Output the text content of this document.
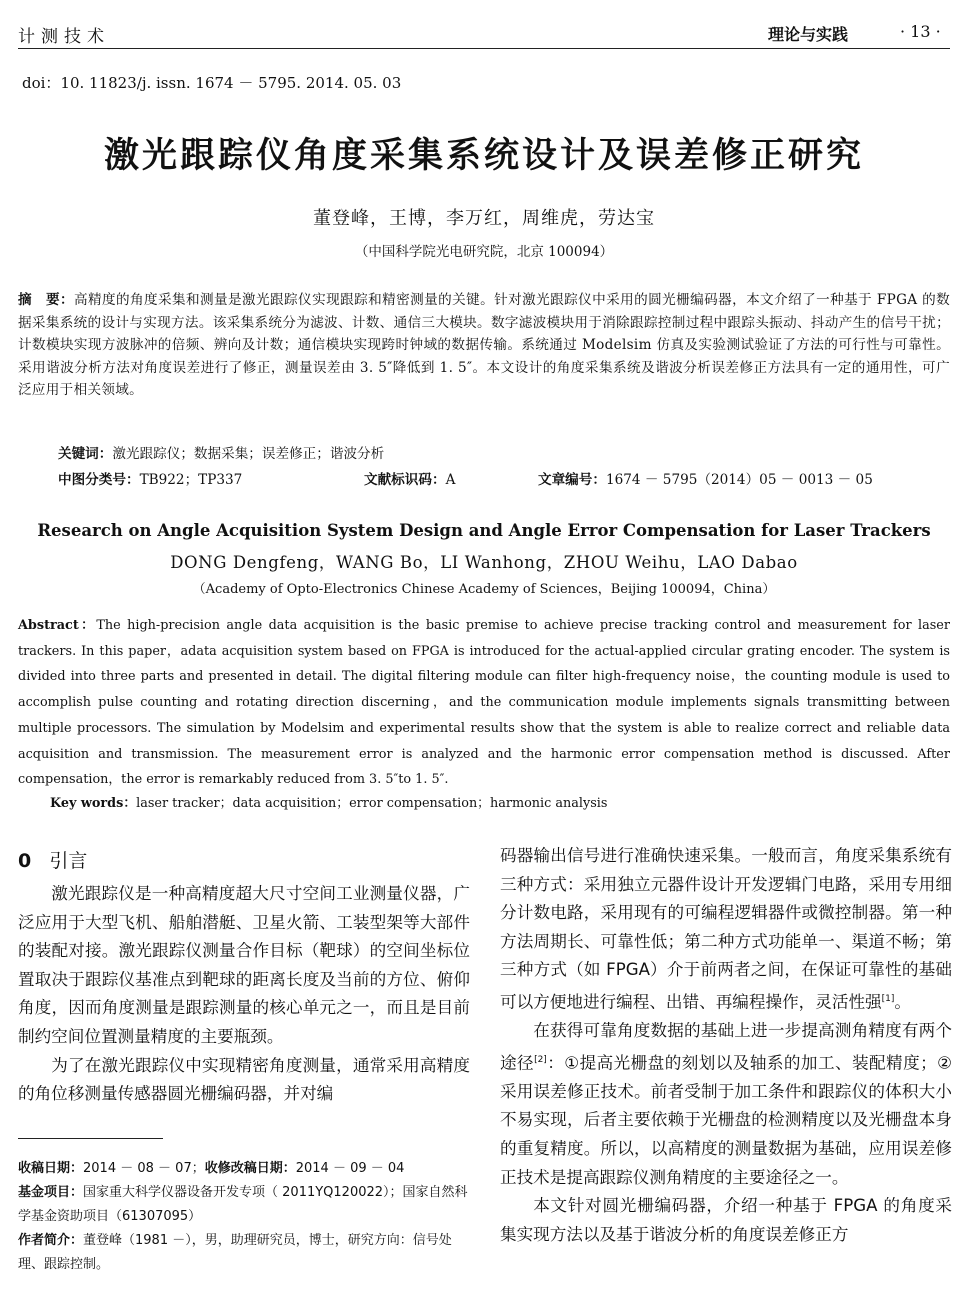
计测技术	理论与实践	· 13 ·
doi：10. 11823/j. issn. 1674 － 5795. 2014. 05. 03
激光跟踪仪角度采集系统设计及误差修正研究
董登峰，王博，李万红，周维虎，劳达宝
（中国科学院光电研究院，北京 100094）
摘　要：高精度的角度采集和测量是激光跟踪仪实现跟踪和精密测量的关键。针对激光跟踪仪中采用的圆光栅编码器，本文介绍了一种基于 FPGA 的数据采集系统的设计与实现方法。该采集系统分为滤波、计数、通信三大模块。数字滤波模块用于消除跟踪控制过程中跟踪头振动、抖动产生的信号干扰；计数模块实现方波脉冲的倍频、辨向及计数；通信模块实现跨时钟域的数据传输。系统通过 Modelsim 仿真及实验测试验证了方法的可行性与可靠性。采用谐波分析方法对角度误差进行了修正，测量误差由 3. 5″降低到 1. 5″。本文设计的角度采集系统及谐波分析误差修正方法具有一定的通用性，可广泛应用于相关领域。
关键词：激光跟踪仪；数据采集；误差修正；谐波分析
中图分类号：TB922；TP337	文献标识码：A	文章编号：1674 － 5795（2014）05 － 0013 － 05
Research on Angle Acquisition System Design and Angle Error Compensation for Laser Trackers
DONG Dengfeng，WANG Bo，LI Wanhong，ZHOU Weihu，LAO Dabao
（Academy of Opto-Electronics Chinese Academy of Sciences，Beijing 100094，China）
Abstract：The high-precision angle data acquisition is the basic premise to achieve precise tracking control and measurement for laser trackers. In this paper，adata acquisition system based on FPGA is introduced for the actual-applied circular grating encoder. The system is divided into three parts and presented in detail. The digital filtering module can filter high-frequency noise，the counting module is used to accomplish pulse counting and rotating direction discerning，and the communication module implements signals transmitting between multiple processors. The simulation by Modelsim and experimental results show that the system is able to realize correct and reliable data acquisition and transmission. The measurement error is analyzed and the harmonic error compensation method is discussed. After compensation，the error is remarkably reduced from 3. 5″to 1. 5″.
Key words：laser tracker；data acquisition；error compensation；harmonic analysis
0 引言

激光跟踪仪是一种高精度超大尺寸空间工业测量仪器，广泛应用于大型飞机、船舶潜艇、卫星火箭、工装型架等大部件的装配对接。激光跟踪仪测量合作目标（靶球）的空间坐标位置取决于跟踪仪基准点到靶球的距离长度及当前的方位、俯仰角度，因而角度测量是跟踪测量的核心单元之一，而且是目前制约空间位置测量精度的主要瓶颈。

为了在激光跟踪仪中实现精密角度测量，通常采用高精度的角位移测量传感器圆光栅编码器，并对编

码器输出信号进行准确快速采集。一般而言，角度采集系统有三种方式：采用独立元器件设计开发逻辑门电路，采用专用细分计数电路，采用现有的可编程逻辑器件或微控制器。第一种方法周期长、可靠性低；第二种方式功能单一、渠道不畅；第三种方式（如 FPGA）介于前两者之间，在保证可靠性的基础可以方便地进行编程、出错、再编程操作，灵活性强[1]。

在获得可靠角度数据的基础上进一步提高测角精度有两个途径[2]：①提高光栅盘的刻划以及轴系的加工、装配精度；②采用误差修正技术。前者受制于加工条件和跟踪仪的体积大小不易实现，后者主要依赖于光栅盘的检测精度以及光栅盘本身的重复精度。所以，以高精度的测量数据为基础，应用误差修正技术是提高跟踪仪测角精度的主要途径之一。

本文针对圆光栅编码器，介绍一种基于 FPGA 的角度采集实现方法以及基于谐波分析的角度误差修正方

收稿日期：2014 － 08 － 07；收修改稿日期：2014 － 09 － 04
基金项目：国家重大科学仪器设备开发专项（ 2011YQ120022）；国家自然科学基金资助项目（61307095）
作者简介：董登峰（1981 －），男，助理研究员，博士，研究方向：信号处理、跟踪控制。
